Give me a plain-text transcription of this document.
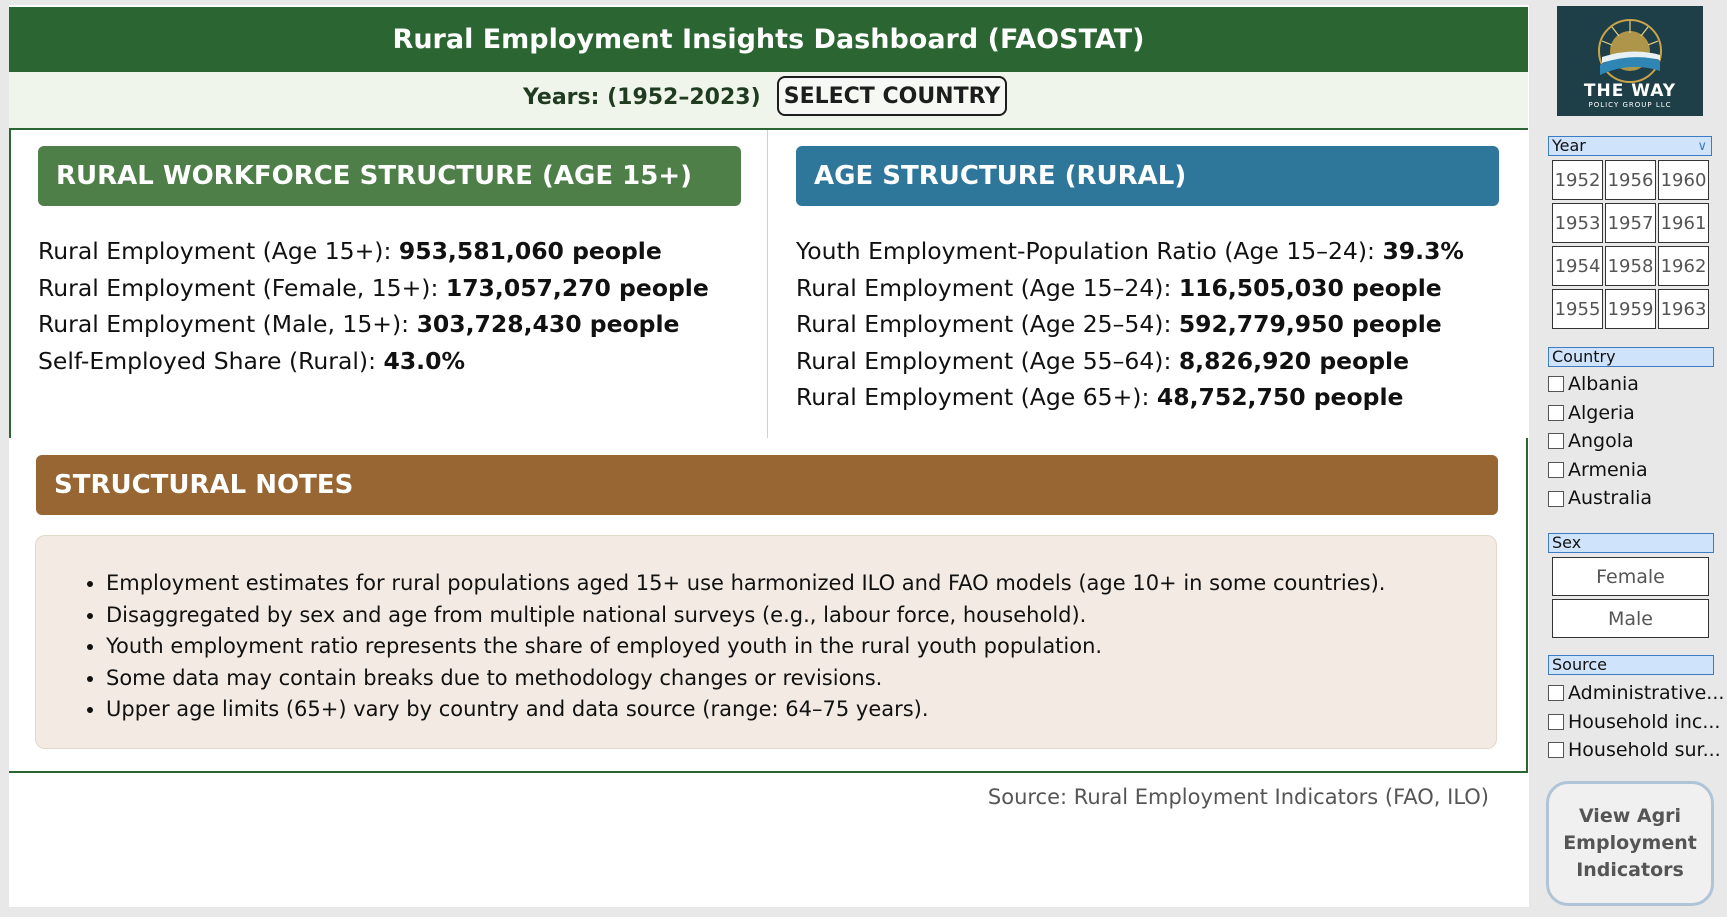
Rural Employment Insights Dashboard (FAOSTAT)
Years: (1952–2023)	SELECT COUNTRY
RURAL WORKFORCE STRUCTURE (AGE 15+)
Rural Employment (Age 15+): 953,581,060 people
Rural Employment (Female, 15+): 173,057,270 people
Rural Employment (Male, 15+): 303,728,430 people
Self-Employed Share (Rural): 43.0%
AGE STRUCTURE (RURAL)
Youth Employment-Population Ratio (Age 15–24): 39.3%
Rural Employment (Age 15–24): 116,505,030 people
Rural Employment (Age 25–54): 592,779,950 people
Rural Employment (Age 55–64): 8,826,920 people
Rural Employment (Age 65+): 48,752,750 people
STRUCTURAL NOTES
• Employment estimates for rural populations aged 15+ use harmonized ILO and FAO models (age 10+ in some countries).
• Disaggregated by sex and age from multiple national surveys (e.g., labour force, household).
• Youth employment ratio represents the share of employed youth in the rural youth population.
• Some data may contain breaks due to methodology changes or revisions.
• Upper age limits (65+) vary by country and data source (range: 64–75 years).
Source: Rural Employment Indicators (FAO, ILO)
THE WAY
POLICY GROUP LLC
Year	∨
1952 1956 1960
1953 1957 1961
1954 1958 1962
1955 1959 1963
Country
Albania
Algeria
Angola
Armenia
Australia
Sex
Female
Male
Source
Administrative...
Household inc...
Household sur...
View Agri
Employment
Indicators
